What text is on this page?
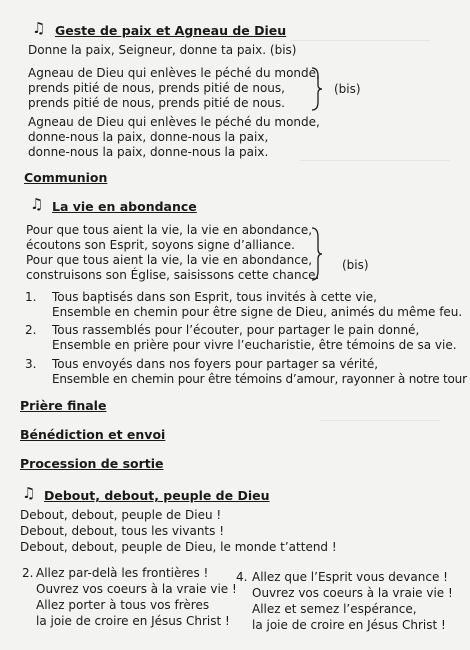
♫ Geste de paix et Agneau de Dieu
Donne la paix, Seigneur, donne ta paix. (bis)
Agneau de Dieu qui enlèves le péché du monde,
prends pitié de nous, prends pitié de nous,
prends pitié de nous, prends pitié de nous.
(bis)
Agneau de Dieu qui enlèves le péché du monde,
donne-nous la paix, donne-nous la paix,
donne-nous la paix, donne-nous la paix.
Communion
♫ La vie en abondance
Pour que tous aient la vie, la vie en abondance,
écoutons son Esprit, soyons signe d’alliance.
Pour que tous aient la vie, la vie en abondance,
construisons son Église, saisissons cette chance.
(bis)
1. Tous baptisés dans son Esprit, tous invités à cette vie,
Ensemble en chemin pour être signe de Dieu, animés du même feu.
2. Tous rassemblés pour l’écouter, pour partager le pain donné,
Ensemble en prière pour vivre l’eucharistie, être témoins de sa vie.
3. Tous envoyés dans nos foyers pour partager sa vérité,
Ensemble en chemin pour être témoins d’amour, rayonner à notre tour
Prière finale
Bénédiction et envoi
Procession de sortie
♫ Debout, debout, peuple de Dieu
Debout, debout, peuple de Dieu !
Debout, debout, tous les vivants !
Debout, debout, peuple de Dieu, le monde t’attend !
2. Allez par-delà les frontières !
Ouvrez vos coeurs à la vraie vie !
Allez porter à tous vos frères
la joie de croire en Jésus Christ !
4. Allez que l’Esprit vous devance !
Ouvrez vos coeurs à la vraie vie !
Allez et semez l’espérance,
la joie de croire en Jésus Christ !
